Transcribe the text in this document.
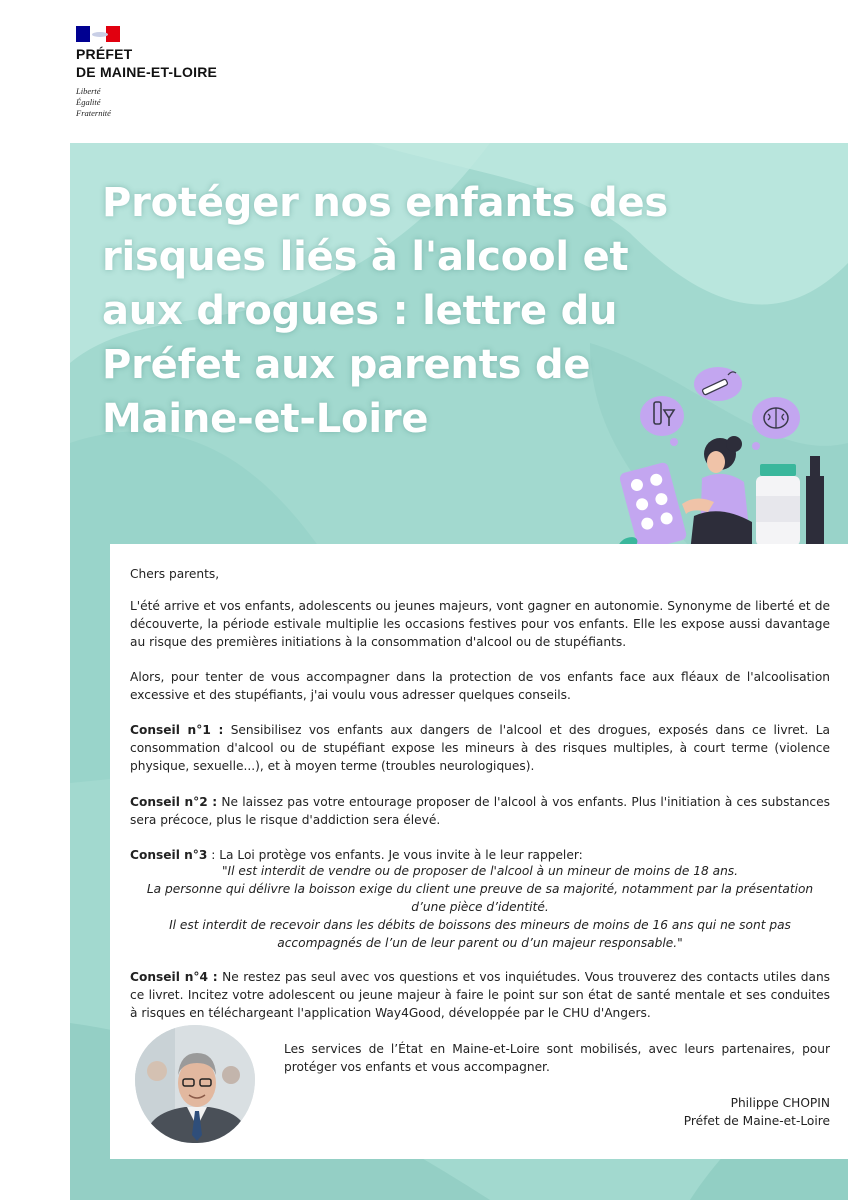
PRÉFET
DE MAINE-ET-LOIRE
Liberté
Égalité
Fraternité
Protéger nos enfants des
risques liés à l'alcool et
aux drogues : lettre du
Préfet aux parents de
Maine-et-Loire

Chers parents,

L'été arrive et vos enfants, adolescents ou jeunes majeurs, vont gagner en autonomie. Synonyme de liberté et de découverte, la période estivale multiplie les occasions festives pour vos enfants. Elle les expose aussi davantage au risque des premières initiations à la consommation d'alcool ou de stupéfiants.

Alors, pour tenter de vous accompagner dans la protection de vos enfants face aux fléaux de l'alcoolisation excessive et des stupéfiants, j'ai voulu vous adresser quelques conseils.

Conseil n°1 : Sensibilisez vos enfants aux dangers de l'alcool et des drogues, exposés dans ce livret. La consommation d'alcool ou de stupéfiant expose les mineurs à des risques multiples, à court terme (violence physique, sexuelle...), et à moyen terme (troubles neurologiques).

Conseil n°2 : Ne laissez pas votre entourage proposer de l'alcool à vos enfants. Plus l'initiation à ces substances sera précoce, plus le risque d'addiction sera élevé.

Conseil n°3 : La Loi protège vos enfants. Je vous invite à le leur rappeler:

"Il est interdit de vendre ou de proposer de l'alcool à un mineur de moins de 18 ans.

La personne qui délivre la boisson exige du client une preuve de sa majorité, notamment par la présentation d’une pièce d’identité.

Il est interdit de recevoir dans les débits de boissons des mineurs de moins de 16 ans qui ne sont pas accompagnés de l’un de leur parent ou d’un majeur responsable."

Conseil n°4 : Ne restez pas seul avec vos questions et vos inquiétudes. Vous trouverez des contacts utiles dans ce livret. Incitez votre adolescent ou jeune majeur à faire le point sur son état de santé mentale et ses conduites à risques en téléchargeant l'application Way4Good, développée par le CHU d'Angers.

Les services de l’État en Maine-et-Loire sont mobilisés, avec leurs partenaires, pour protéger vos enfants et vous accompagner.

Philippe CHOPIN
Préfet de Maine-et-Loire
